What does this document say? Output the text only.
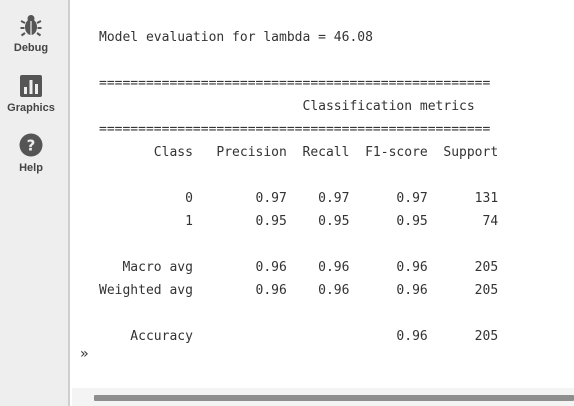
Debug
Graphics
?
Help
Model evaluation for lambda = 46.08
==================================================
Classification metrics
==================================================
Class   Precision  Recall  F1-score  Support
0        0.97    0.97      0.97      131
1        0.95    0.95      0.95       74
Macro avg        0.96    0.96      0.96      205
Weighted avg        0.96    0.96      0.96      205
Accuracy                          0.96      205
»
